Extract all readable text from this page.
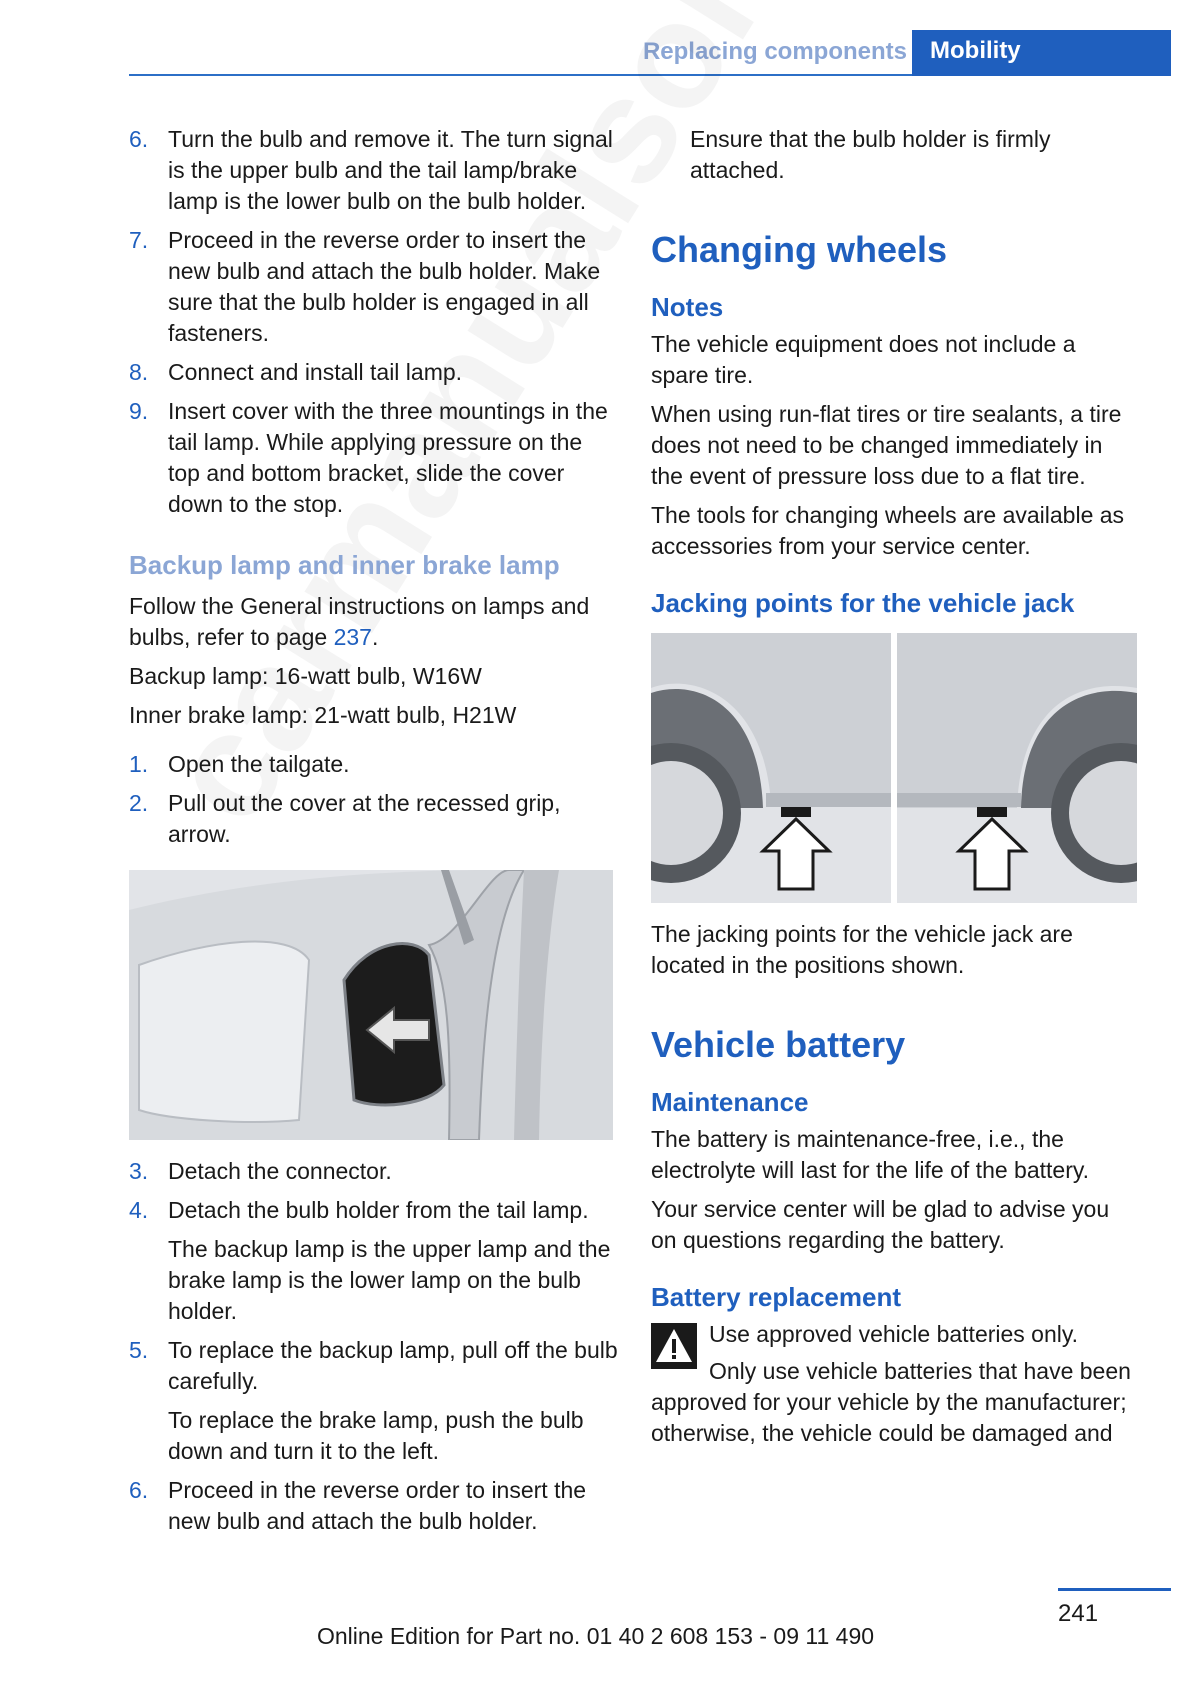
Replacing components Mobility
6. Turn the bulb and remove it. The turn signal is the upper bulb and the tail lamp/brake lamp is the lower bulb on the bulb holder.
7. Proceed in the reverse order to insert the new bulb and attach the bulb holder. Make sure that the bulb holder is engaged in all fasteners.
8. Connect and install tail lamp.
9. Insert cover with the three mountings in the tail lamp. While applying pressure on the top and bottom bracket, slide the cover down to the stop.
Backup lamp and inner brake lamp

Follow the General instructions on lamps and bulbs, refer to page 237.

Backup lamp: 16-watt bulb, W16W

Inner brake lamp: 21-watt bulb, H21W

1. Open the tailgate.
2. Pull out the cover at the recessed grip, arrow.
3. Detach the connector.
4. Detach the bulb holder from the tail lamp.
The backup lamp is the upper lamp and the brake lamp is the lower lamp on the bulb holder.
5. To replace the backup lamp, pull off the bulb carefully.
To replace the brake lamp, push the bulb down and turn it to the left.
6. Proceed in the reverse order to insert the new bulb and attach the bulb holder.

Ensure that the bulb holder is firmly attached.

Changing wheels
Notes

The vehicle equipment does not include a spare tire.

When using run-flat tires or tire sealants, a tire does not need to be changed immediately in the event of pressure loss due to a flat tire.

The tools for changing wheels are available as accessories from your service center.

Jacking points for the vehicle jack

The jacking points for the vehicle jack are located in the positions shown.

Vehicle battery
Maintenance

The battery is maintenance-free, i.e., the electrolyte will last for the life of the battery.

Your service center will be glad to advise you on questions regarding the battery.

Battery replacement
Use approved vehicle batteries only.
Only use vehicle batteries that have been approved for your vehicle by the manufacturer; otherwise, the vehicle could be damaged and
241
Online Edition for Part no. 01 40 2 608 153 - 09 11 490
